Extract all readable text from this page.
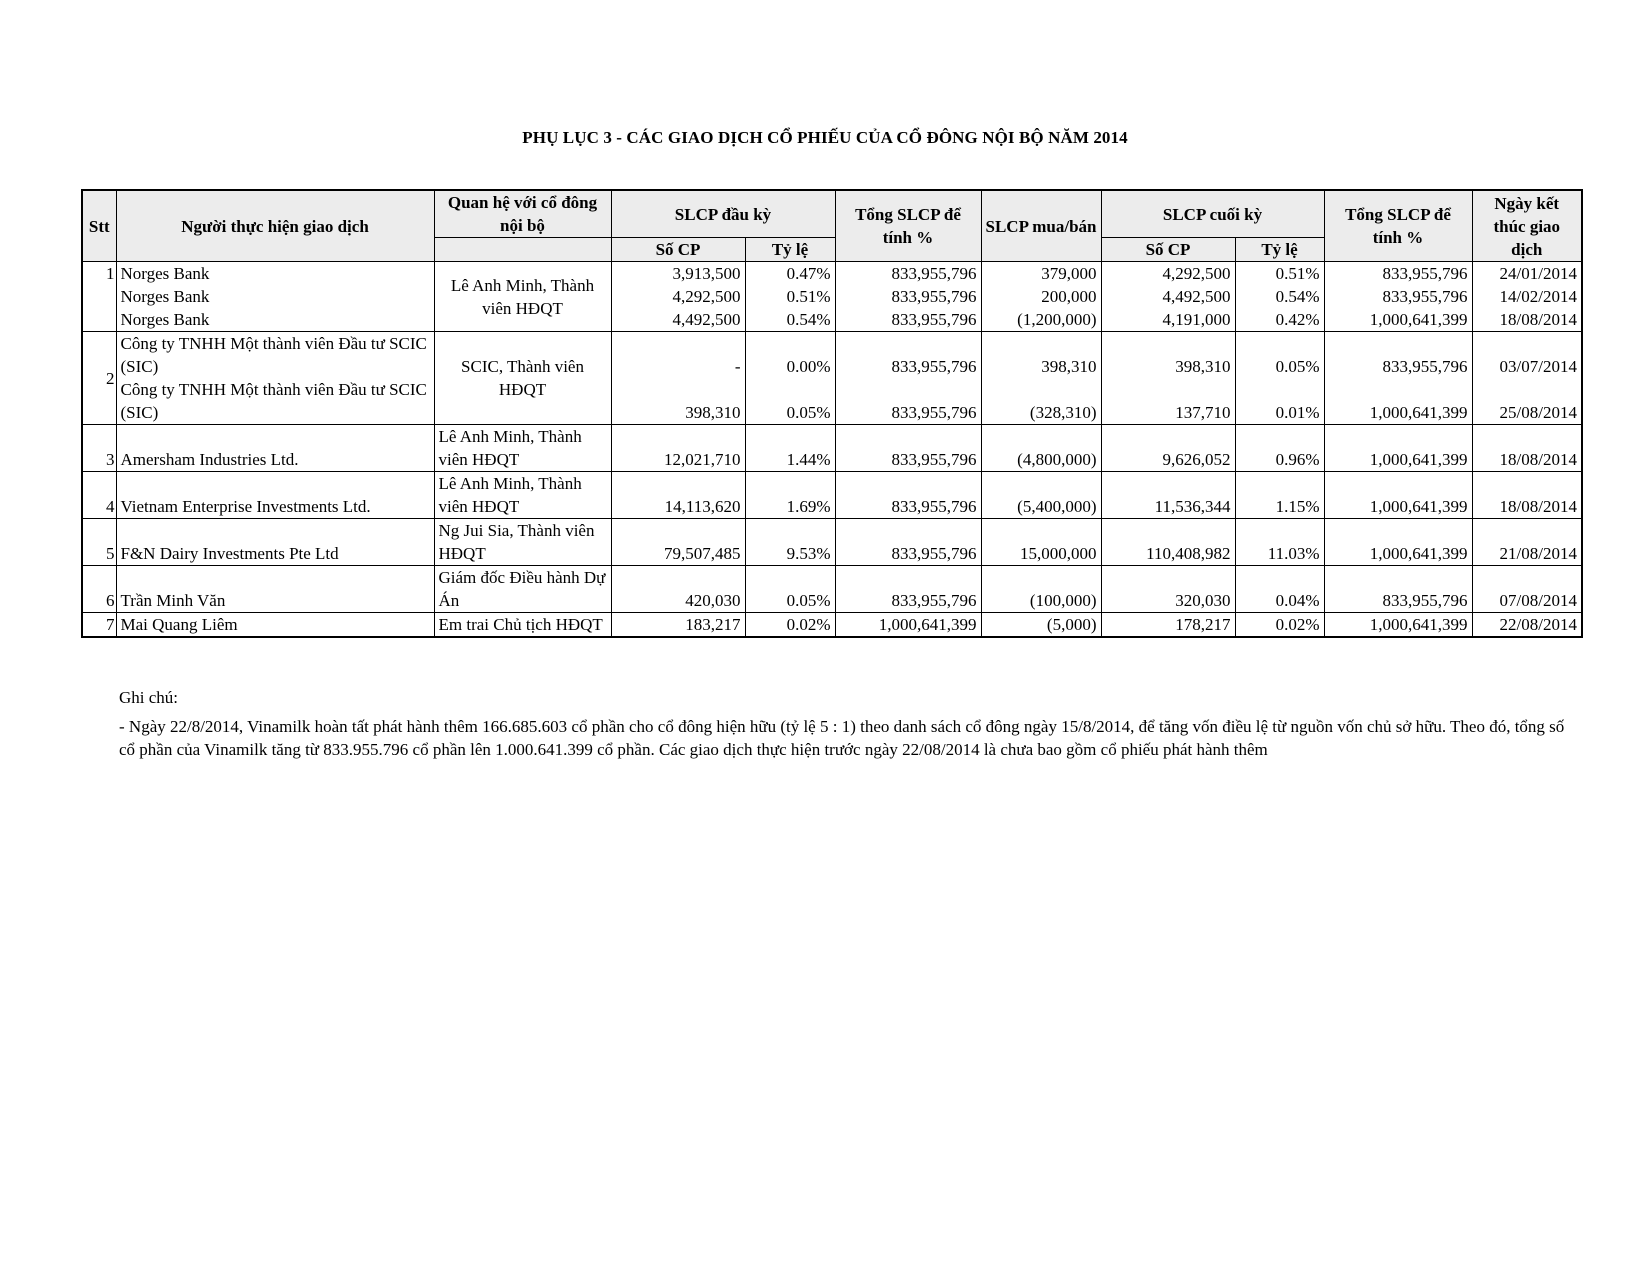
PHỤ LỤC 3 - CÁC GIAO DỊCH CỔ PHIẾU CỦA CỔ ĐÔNG NỘI BỘ NĂM 2014
Stt	Người thực hiện giao dịch	Quan hệ với cổ đông nội bộ	SLCP đầu kỳ		Tổng SLCP để tính %	SLCP mua/bán	SLCP cuối kỳ		Tổng SLCP để tính %	Ngày kết thúc giao dịch
			Số CP	Tỷ lệ			Số CP	Tỷ lệ		
1	Norges Bank	Lê Anh Minh, Thành viên HĐQT	3,913,500	0.47%	833,955,796	379,000	4,292,500	0.51%	833,955,796	24/01/2014
	Norges Bank		4,292,500	0.51%	833,955,796	200,000	4,492,500	0.54%	833,955,796	14/02/2014
	Norges Bank		4,492,500	0.54%	833,955,796	(1,200,000)	4,191,000	0.42%	1,000,641,399	18/08/2014
2	Công ty TNHH Một thành viên Đầu tư SCIC (SIC)	SCIC, Thành viên HĐQT	-	0.00%	833,955,796	398,310	398,310	0.05%	833,955,796	03/07/2014
	Công ty TNHH Một thành viên Đầu tư SCIC (SIC)		398,310	0.05%	833,955,796	(328,310)	137,710	0.01%	1,000,641,399	25/08/2014
3	Amersham Industries Ltd.	Lê Anh Minh, Thành viên HĐQT	12,021,710	1.44%	833,955,796	(4,800,000)	9,626,052	0.96%	1,000,641,399	18/08/2014
4	Vietnam Enterprise Investments Ltd.	Lê Anh Minh, Thành viên HĐQT	14,113,620	1.69%	833,955,796	(5,400,000)	11,536,344	1.15%	1,000,641,399	18/08/2014
5	F&N Dairy Investments Pte Ltd	Ng Jui Sia, Thành viên HĐQT	79,507,485	9.53%	833,955,796	15,000,000	110,408,982	11.03%	1,000,641,399	21/08/2014
6	Trần Minh Văn	Giám đốc Điều hành Dự Án	420,030	0.05%	833,955,796	(100,000)	320,030	0.04%	833,955,796	07/08/2014
7	Mai Quang Liêm	Em trai Chủ tịch HĐQT	183,217	0.02%	1,000,641,399	(5,000)	178,217	0.02%	1,000,641,399	22/08/2014

Ghi chú:

- Ngày 22/8/2014, Vinamilk hoàn tất phát hành thêm 166.685.603 cổ phần cho cổ đông hiện hữu (tỷ lệ 5 : 1) theo danh sách cổ đông ngày 15/8/2014, để tăng vốn điều lệ từ nguồn vốn chủ sở hữu. Theo đó, tổng số cổ phần của Vinamilk tăng từ 833.955.796 cổ phần lên 1.000.641.399 cổ phần. Các giao dịch thực hiện trước ngày 22/08/2014 là chưa bao gồm cổ phiếu phát hành thêm
